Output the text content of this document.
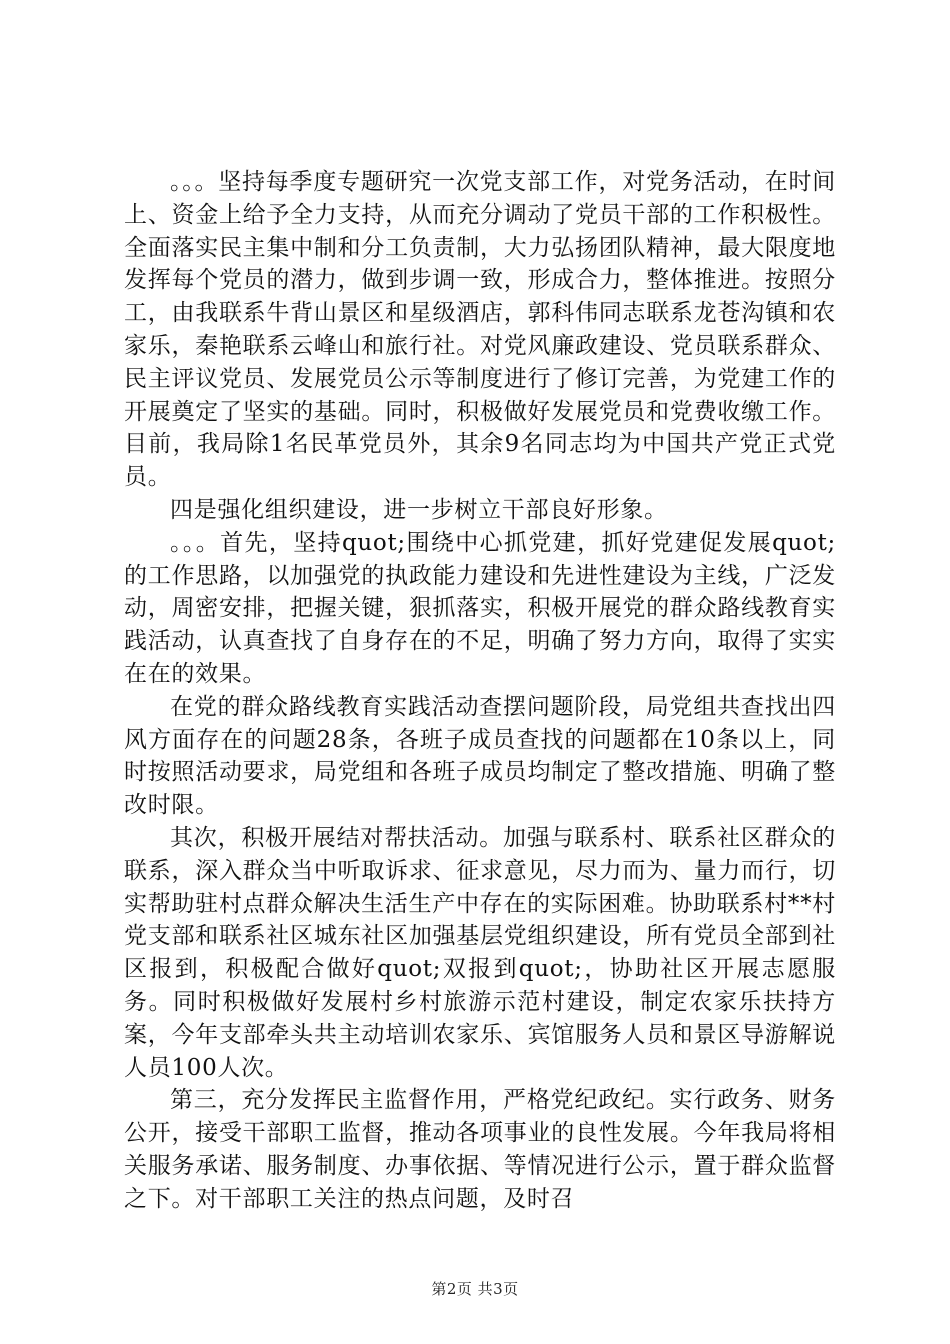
。。。坚持每季度专题研究一次党支部工作，对党务活动，在时间上、资金上给予全力支持，从而充分调动了党员干部的工作积极性。全面落实民主集中制和分工负责制，大力弘扬团队精神，最大限度地发挥每个党员的潜力，做到步调一致，形成合力，整体推进。按照分工，由我联系牛背山景区和星级酒店，郭科伟同志联系龙苍沟镇和农家乐，秦艳联系云峰山和旅行社。对党风廉政建设、党员联系群众、民主评议党员、发展党员公示等制度进行了修订完善，为党建工作的开展奠定了坚实的基础。同时，积极做好发展党员和党费收缴工作。目前，我局除1名民革党员外，其余9名同志均为中国共产党正式党员。

四是强化组织建设，进一步树立干部良好形象。

。。。首先，坚持quot;围绕中心抓党建，抓好党建促发展quot;的工作思路，以加强党的执政能力建设和先进性建设为主线，广泛发动，周密安排，把握关键，狠抓落实，积极开展党的群众路线教育实践活动，认真查找了自身存在的不足，明确了努力方向，取得了实实在在的效果。

在党的群众路线教育实践活动查摆问题阶段，局党组共查找出四风方面存在的问题28条，各班子成员查找的问题都在10条以上，同时按照活动要求，局党组和各班子成员均制定了整改措施、明确了整改时限。

其次，积极开展结对帮扶活动。加强与联系村、联系社区群众的联系，深入群众当中听取诉求、征求意见，尽力而为、量力而行，切实帮助驻村点群众解决生活生产中存在的实际困难。协助联系村**村党支部和联系社区城东社区加强基层党组织建设，所有党员全部到社区报到，积极配合做好quot;双报到quot;，协助社区开展志愿服务。同时积极做好发展村乡村旅游示范村建设，制定农家乐扶持方案，今年支部牵头共主动培训农家乐、宾馆服务人员和景区导游解说人员100人次。

第三，充分发挥民主监督作用，严格党纪政纪。实行政务、财务公开，接受干部职工监督，推动各项事业的良性发展。今年我局将相关服务承诺、服务制度、办事依据、等情况进行公示，置于群众监督之下。对干部职工关注的热点问题，及时召

第2页 共3页
